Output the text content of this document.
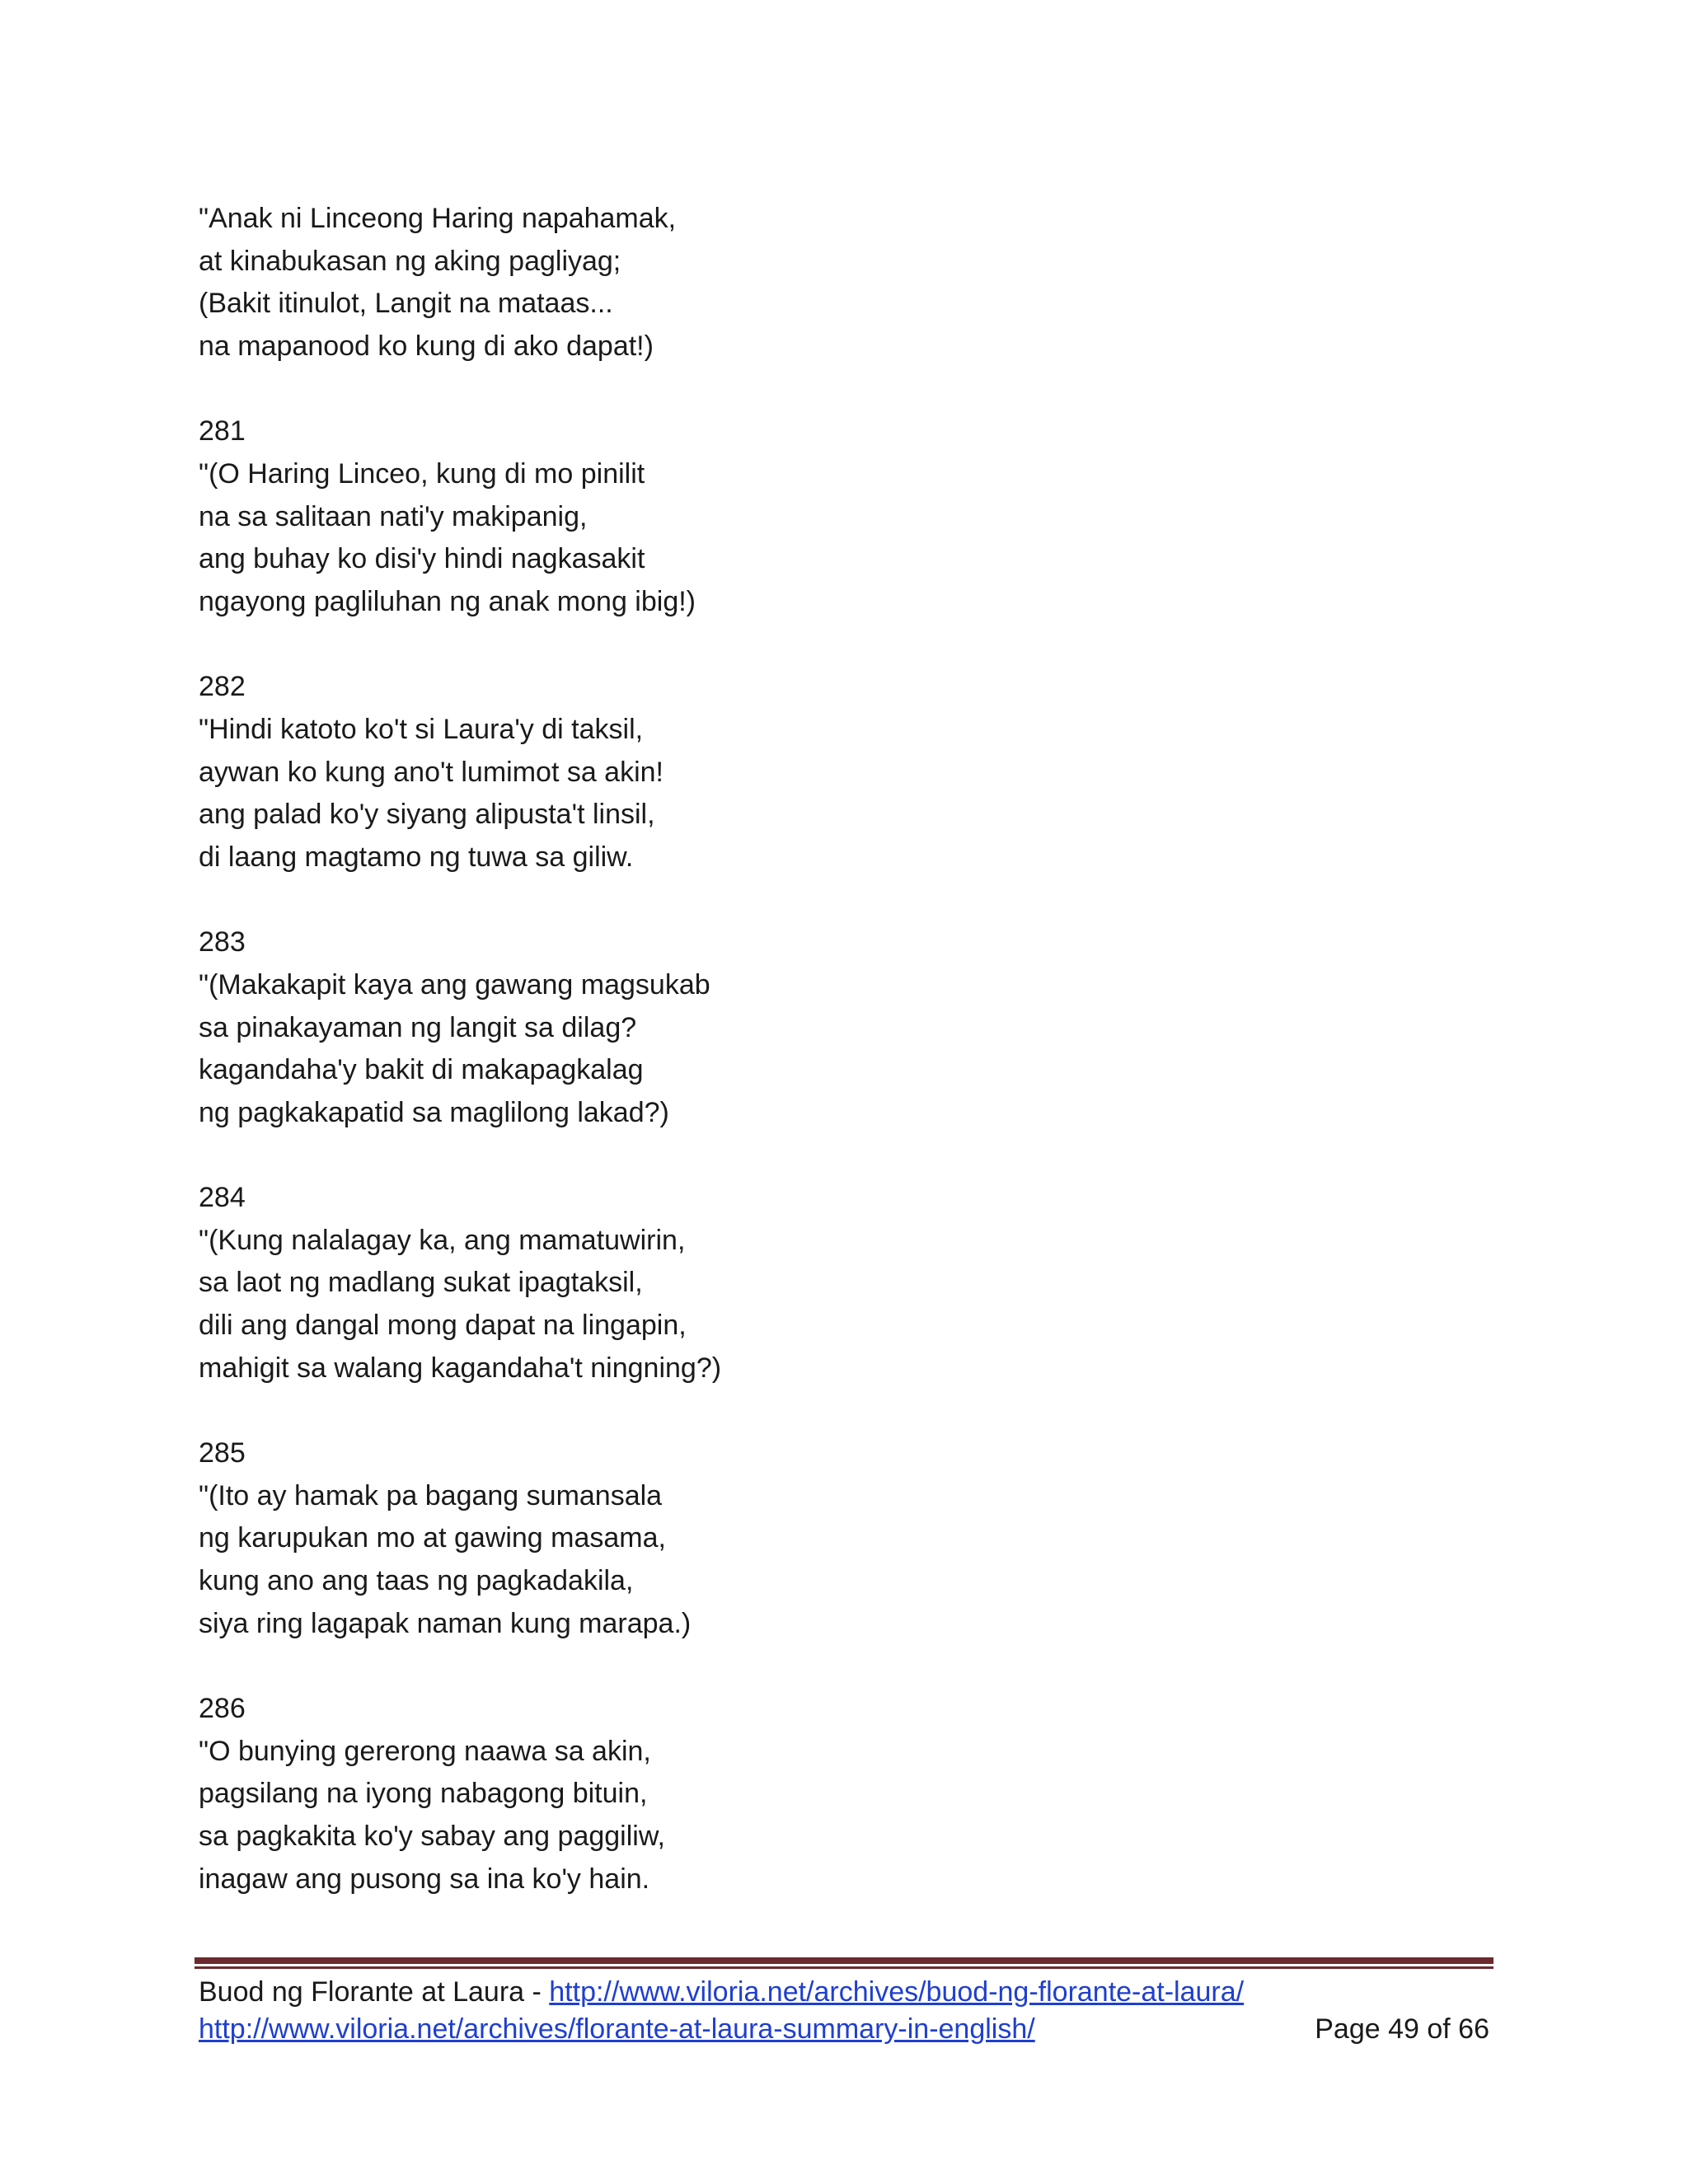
"Anak ni Linceong Haring napahamak,
at kinabukasan ng aking pagliyag;
(Bakit itinulot, Langit na mataas...
na mapanood ko kung di ako dapat!)
281
"(O Haring Linceo, kung di mo pinilit
na sa salitaan nati'y makipanig,
ang buhay ko disi'y hindi nagkasakit
ngayong pagliluhan ng anak mong ibig!)
282
"Hindi katoto ko't si Laura'y di taksil,
aywan ko kung ano't lumimot sa akin!
ang palad ko'y siyang alipusta't linsil,
di laang magtamo ng tuwa sa giliw.
283
"(Makakapit kaya ang gawang magsukab
sa pinakayaman ng langit sa dilag?
kagandaha'y bakit di makapagkalag
ng pagkakapatid sa maglilong lakad?)
284
"(Kung nalalagay ka, ang mamatuwirin,
sa laot ng madlang sukat ipagtaksil,
dili ang dangal mong dapat na lingapin,
mahigit sa walang kagandaha't ningning?)
285
"(Ito ay hamak pa bagang sumansala
ng karupukan mo at gawing masama,
kung ano ang taas ng pagkadakila,
siya ring lagapak naman kung marapa.)
286
"O bunying gererong naawa sa akin,
pagsilang na iyong nabagong bituin,
sa pagkakita ko'y sabay ang paggiliw,
inagaw ang pusong sa ina ko'y hain.
Buod ng Florante at Laura - http://www.viloria.net/archives/buod-ng-florante-at-laura/
http://www.viloria.net/archives/florante-at-laura-summary-in-english/	Page 49 of 66
